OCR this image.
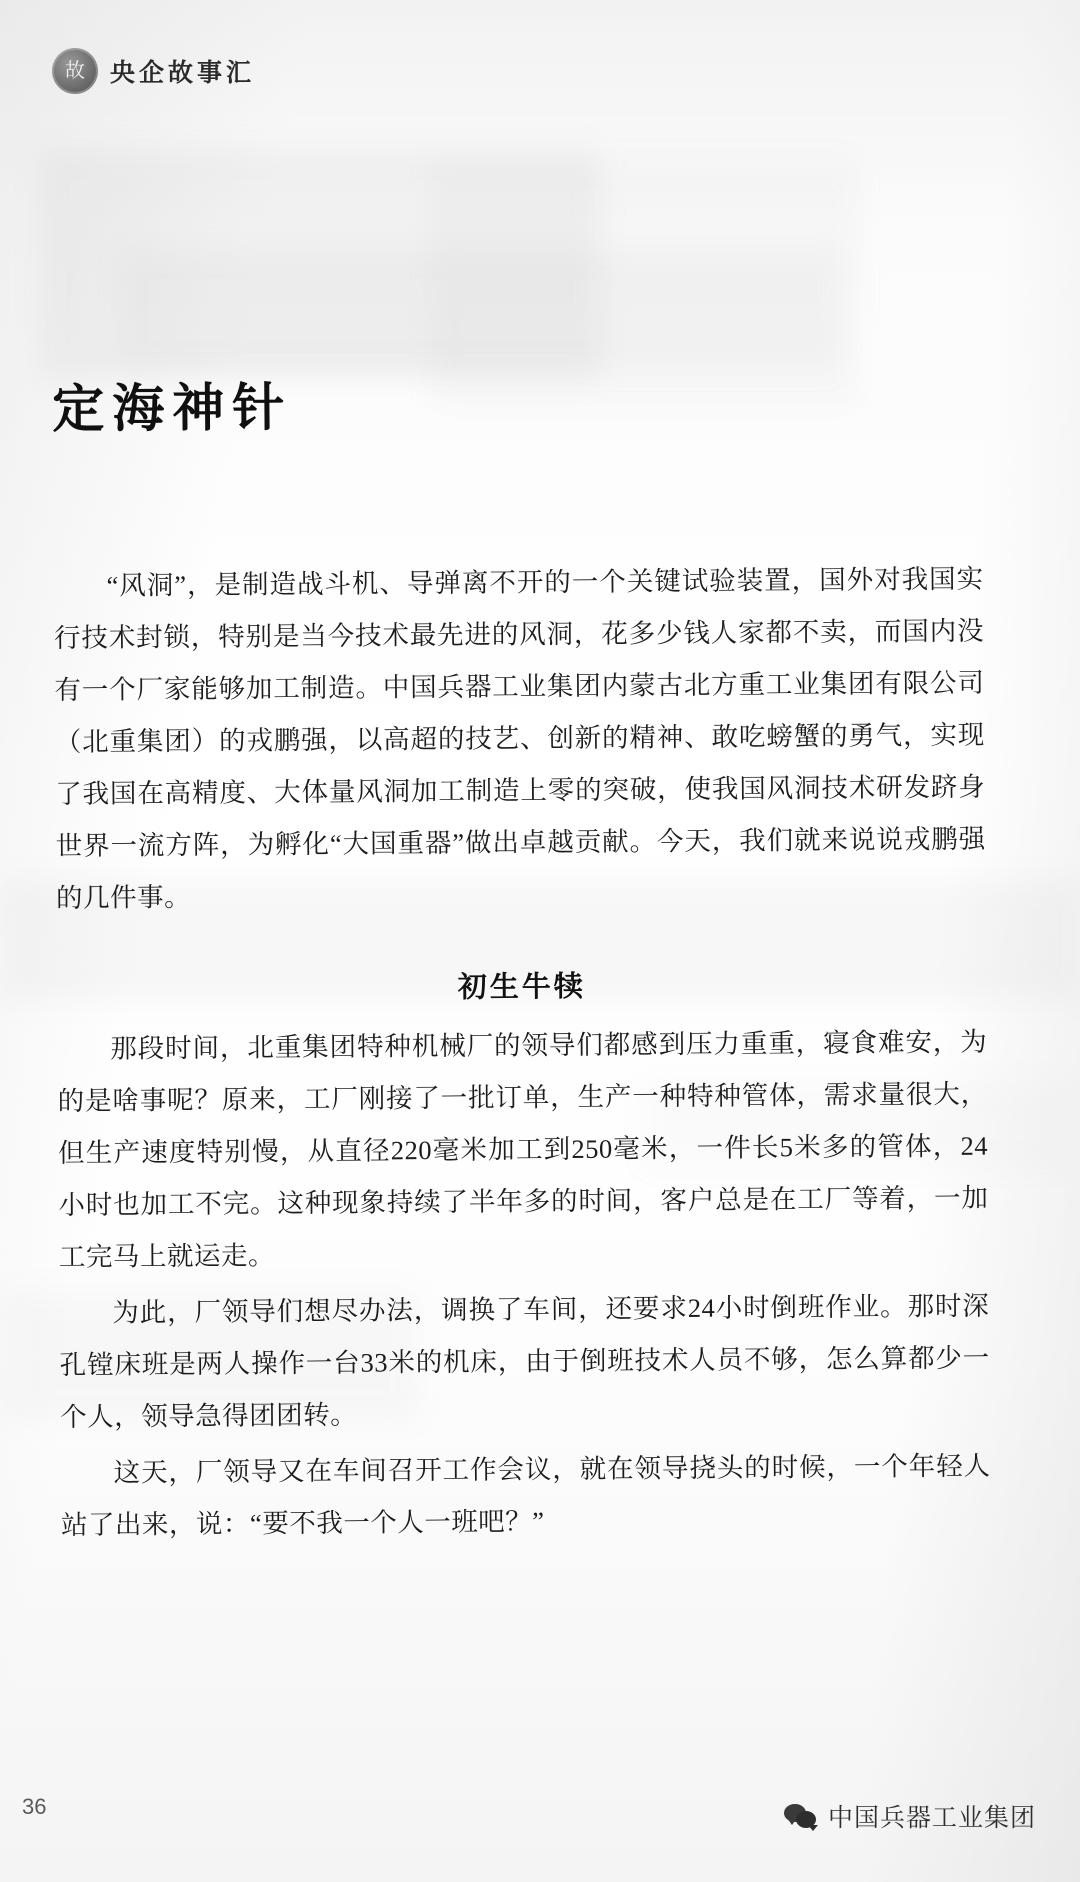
故	央企故事汇
定海神针

“风洞”，是制造战斗机、导弹离不开的一个关键试验装置，国外对我国实行技术封锁，特别是当今技术最先进的风洞，花多少钱人家都不卖，而国内没有一个厂家能够加工制造。中国兵器工业集团内蒙古北方重工业集团有限公司（北重集团）的戎鹏强，以高超的技艺、创新的精神、敢吃螃蟹的勇气，实现了我国在高精度、大体量风洞加工制造上零的突破，使我国风洞技术研发跻身世界一流方阵，为孵化“大国重器”做出卓越贡献。今天，我们就来说说戎鹏强的几件事。

初生牛犊

那段时间，北重集团特种机械厂的领导们都感到压力重重，寝食难安，为的是啥事呢？原来，工厂刚接了一批订单，生产一种特种管体，需求量很大，但生产速度特别慢，从直径220毫米加工到250毫米，一件长5米多的管体，24小时也加工不完。这种现象持续了半年多的时间，客户总是在工厂等着，一加工完马上就运走。

为此，厂领导们想尽办法，调换了车间，还要求24小时倒班作业。那时深孔镗床班是两人操作一台33米的机床，由于倒班技术人员不够，怎么算都少一个人，领导急得团团转。

这天，厂领导又在车间召开工作会议，就在领导挠头的时候，一个年轻人站了出来，说：“要不我一个人一班吧？”

36	中国兵器工业集团
